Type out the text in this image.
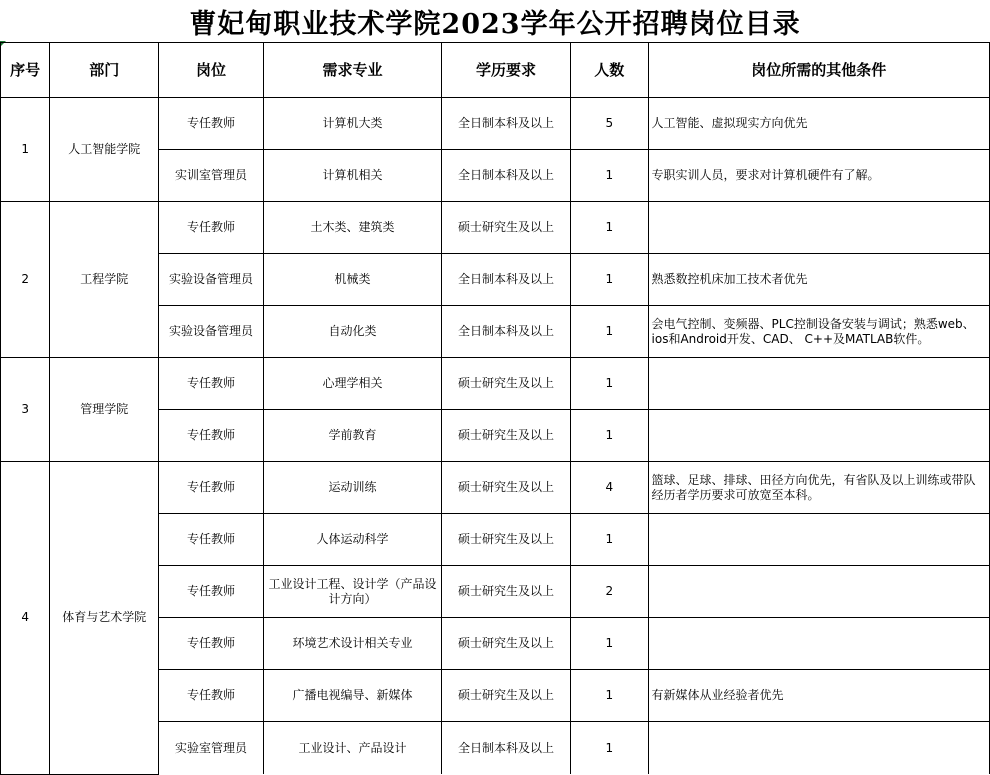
曹妃甸职业技术学院2023学年公开招聘岗位目录
序号	部门	岗位	需求专业	学历要求	人数	岗位所需的其他条件
1	人工智能学院	专任教师	计算机大类	全日制本科及以上	5	人工智能、虚拟现实方向优先
		实训室管理员	计算机相关	全日制本科及以上	1	专职实训人员，要求对计算机硬件有了解。
2	工程学院	专任教师	土木类、建筑类	硕士研究生及以上	1	
		实验设备管理员	机械类	全日制本科及以上	1	熟悉数控机床加工技术者优先
		实验设备管理员	自动化类	全日制本科及以上	1	会电气控制、变频器、PLC控制设备安装与调试；熟悉web、ios和Android开发、CAD、 C++及MATLAB软件。
3	管理学院	专任教师	心理学相关	硕士研究生及以上	1	
		专任教师	学前教育	硕士研究生及以上	1	
4	体育与艺术学院	专任教师	运动训练	硕士研究生及以上	4	篮球、足球、排球、田径方向优先，有省队及以上训练或带队经历者学历要求可放宽至本科。
		专任教师	人体运动科学	硕士研究生及以上	1	
		专任教师	工业设计工程、设计学（产品设计方向）	硕士研究生及以上	2	
		专任教师	环境艺术设计相关专业	硕士研究生及以上	1	
		专任教师	广播电视编导、新媒体	硕士研究生及以上	1	有新媒体从业经验者优先
		实验室管理员	工业设计、产品设计	全日制本科及以上	1	
